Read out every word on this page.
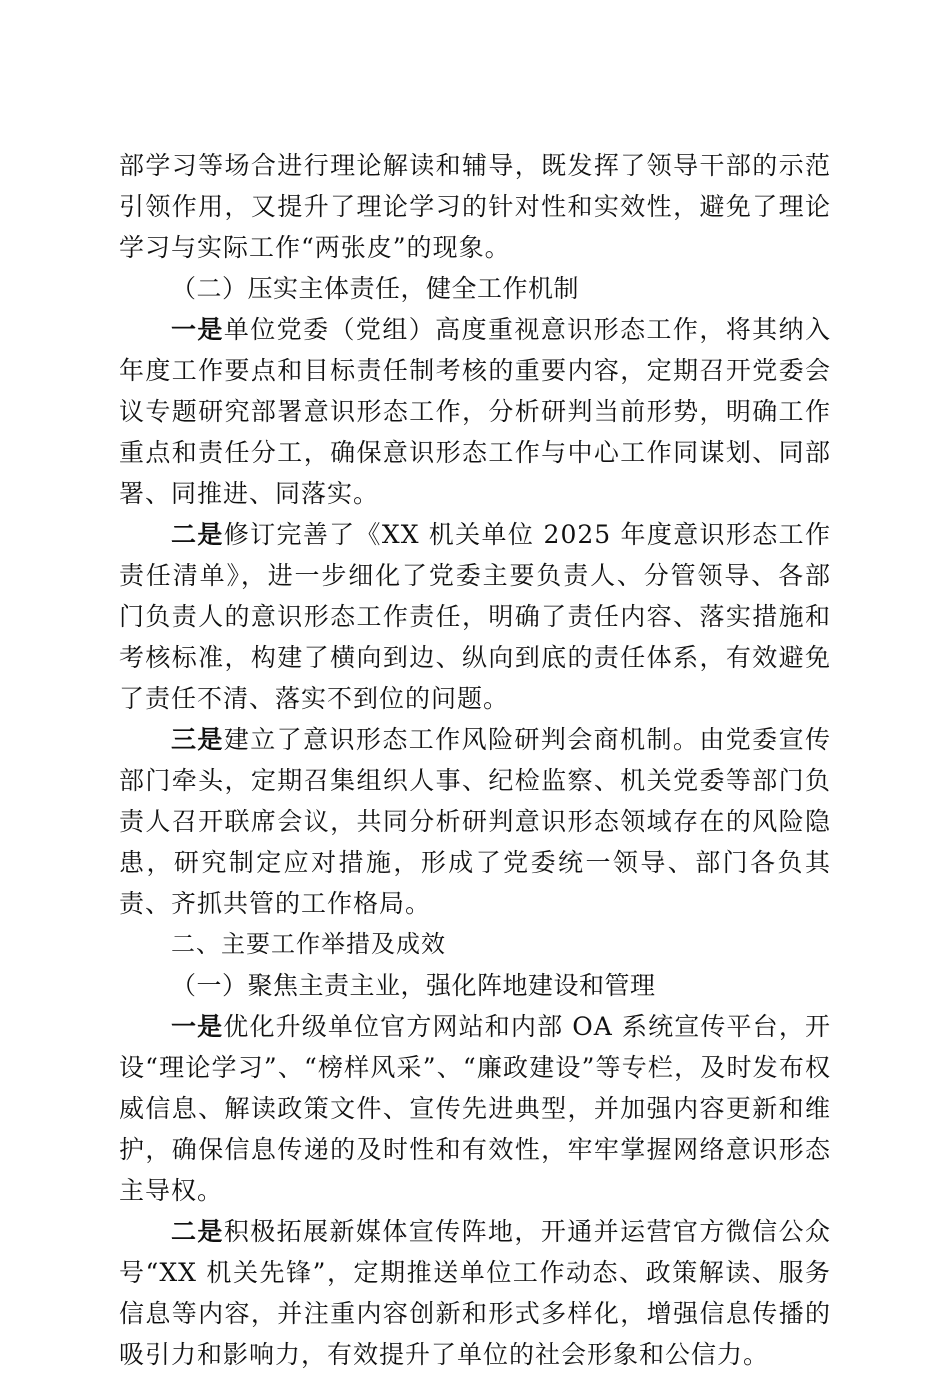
部学习等场合进行理论解读和辅导，既发挥了领导干部的示范引领作用，又提升了理论学习的针对性和实效性，避免了理论学习与实际工作“两张皮”的现象。

（二）压实主体责任，健全工作机制

一是单位党委（党组）高度重视意识形态工作，将其纳入年度工作要点和目标责任制考核的重要内容，定期召开党委会议专题研究部署意识形态工作，分析研判当前形势，明确工作重点和责任分工，确保意识形态工作与中心工作同谋划、同部署、同推进、同落实。

二是修订完善了《XX 机关单位 2025 年度意识形态工作责任清单》，进一步细化了党委主要负责人、分管领导、各部门负责人的意识形态工作责任，明确了责任内容、落实措施和考核标准，构建了横向到边、纵向到底的责任体系，有效避免了责任不清、落实不到位的问题。

三是建立了意识形态工作风险研判会商机制。由党委宣传部门牵头，定期召集组织人事、纪检监察、机关党委等部门负责人召开联席会议，共同分析研判意识形态领域存在的风险隐患，研究制定应对措施，形成了党委统一领导、部门各负其责、齐抓共管的工作格局。

二、主要工作举措及成效

（一）聚焦主责主业，强化阵地建设和管理

一是优化升级单位官方网站和内部 OA 系统宣传平台，开设“理论学习”、“榜样风采”、“廉政建设”等专栏，及时发布权威信息、解读政策文件、宣传先进典型，并加强内容更新和维护，确保信息传递的及时性和有效性，牢牢掌握网络意识形态主导权。

二是积极拓展新媒体宣传阵地，开通并运营官方微信公众号“XX 机关先锋”，定期推送单位工作动态、政策解读、服务信息等内容，并注重内容创新和形式多样化，增强信息传播的吸引力和影响力，有效提升了单位的社会形象和公信力。
